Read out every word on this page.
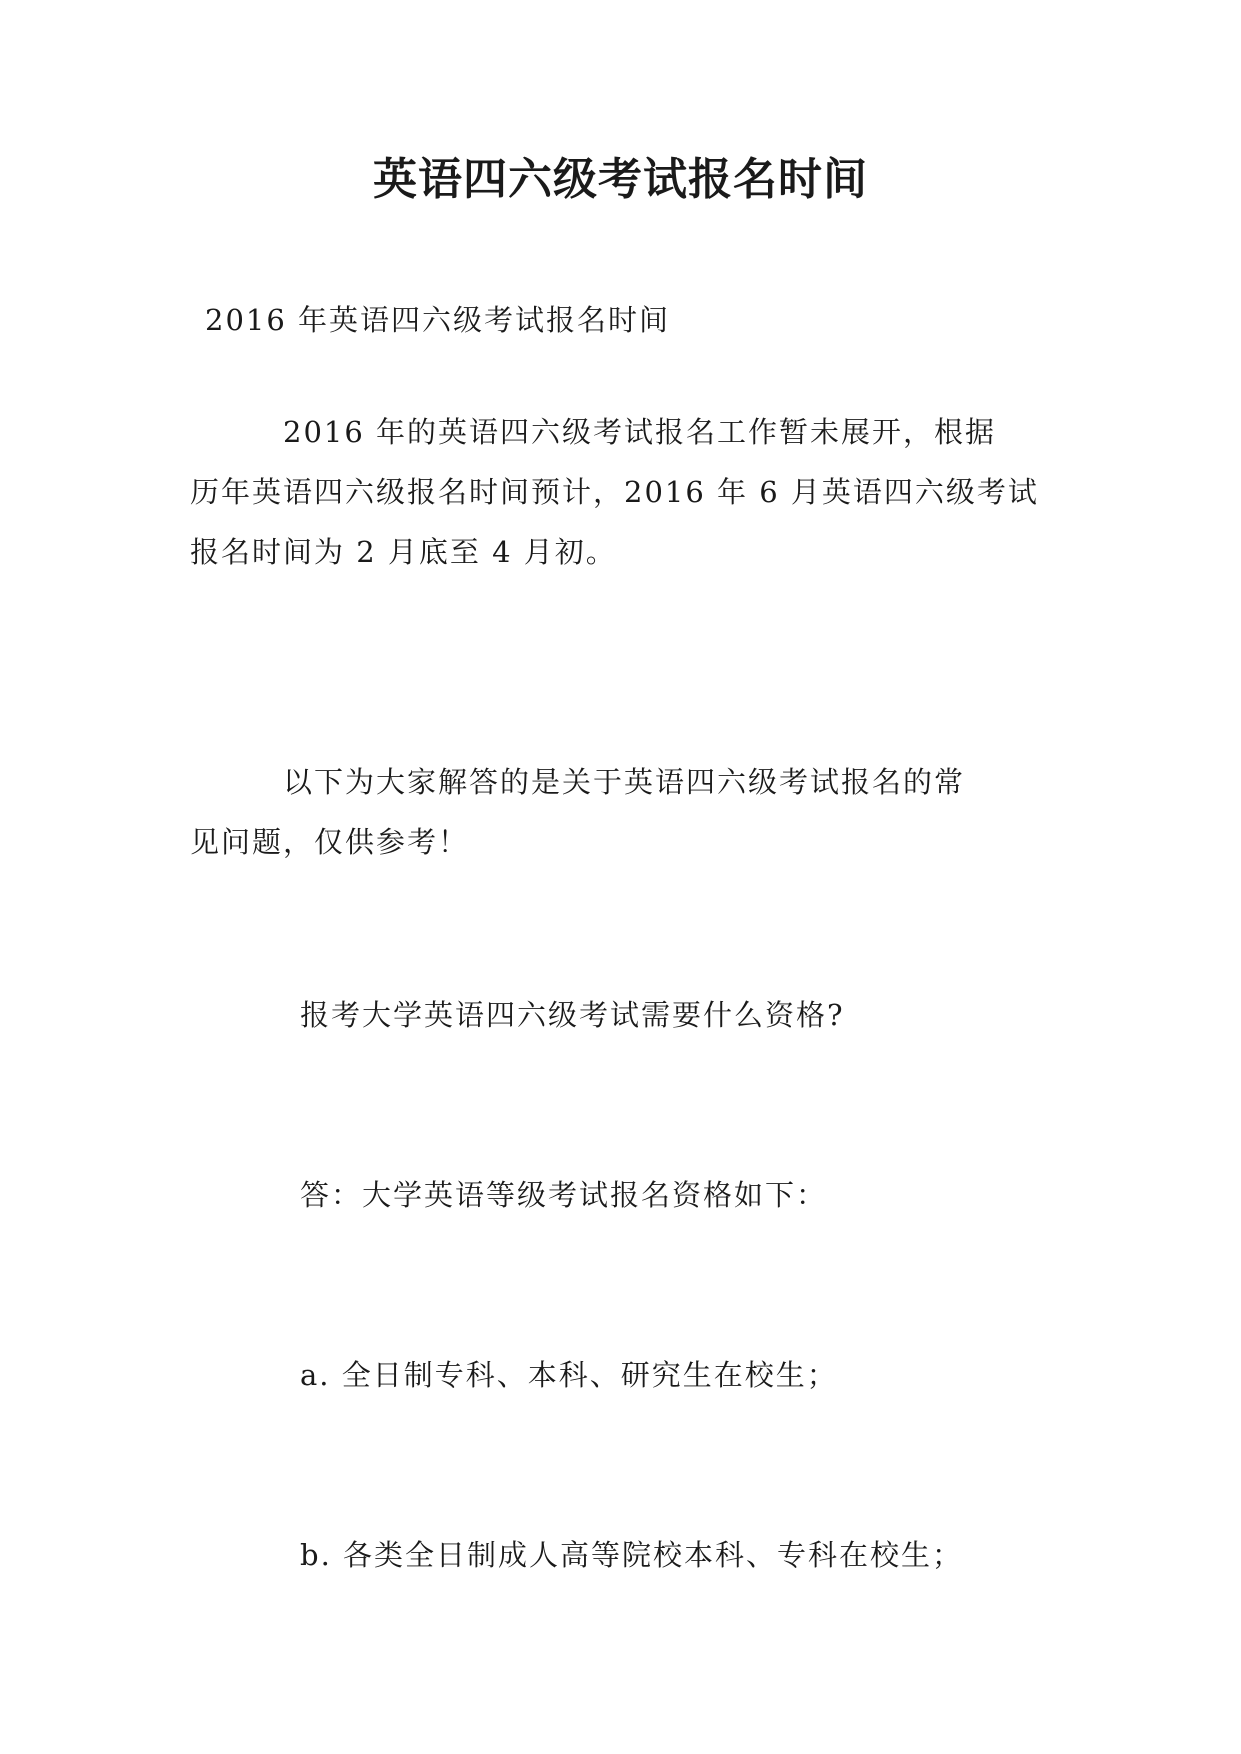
英语四六级考试报名时间

2016 年英语四六级考试报名时间

　　　2016 年的英语四六级考试报名工作暂未展开，根据
历年英语四六级报名时间预计，2016 年 6 月英语四六级考试
报名时间为 2 月底至 4 月初。

　　　以下为大家解答的是关于英语四六级考试报名的常
见问题，仅供参考！

报考大学英语四六级考试需要什么资格?

答：大学英语等级考试报名资格如下：

a. 全日制专科、本科、研究生在校生；

b. 各类全日制成人高等院校本科、专科在校生；
